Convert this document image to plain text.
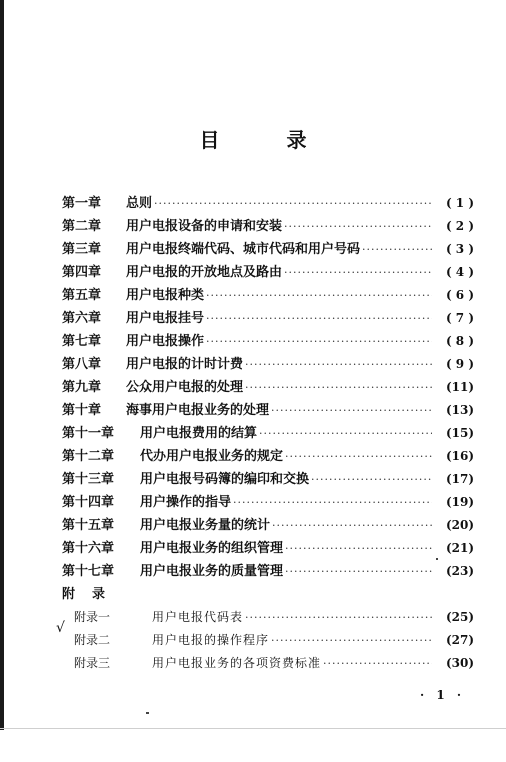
目 录
第一章	总则 ·····	( 1 )
第二章	用户电报设备的申请和安装 ·····	( 2 )
第三章	用户电报终端代码、城市代码和用户号码 ·····	( 3 )
第四章	用户电报的开放地点及路由 ·····	( 4 )
第五章	用户电报种类 ·····	( 6 )
第六章	用户电报挂号 ·····	( 7 )
第七章	用户电报操作 ·····	( 8 )
第八章	用户电报的计时计费 ·····	( 9 )
第九章	公众用户电报的处理 ·····	(11)
第十章	海事用户电报业务的处理 ·····	(13)
第十一章	用户电报费用的结算 ·····	(15)
第十二章	代办用户电报业务的规定 ·····	(16)
第十三章	用户电报号码簿的编印和交换 ·····	(17)
第十四章	用户操作的指导 ·····	(19)
第十五章	用户电报业务量的统计 ·····	(20)
第十六章	用户电报业务的组织管理 ·····	(21)
第十七章	用户电报业务的质量管理 ·····	(23)
附	录
附录一	用户电报代码表 ·····	(25)
附录二	用户电报的操作程序 ·····	(27)
附录三	用户电报业务的各项资费标准 ·····	(30)
√
· 1 ·
